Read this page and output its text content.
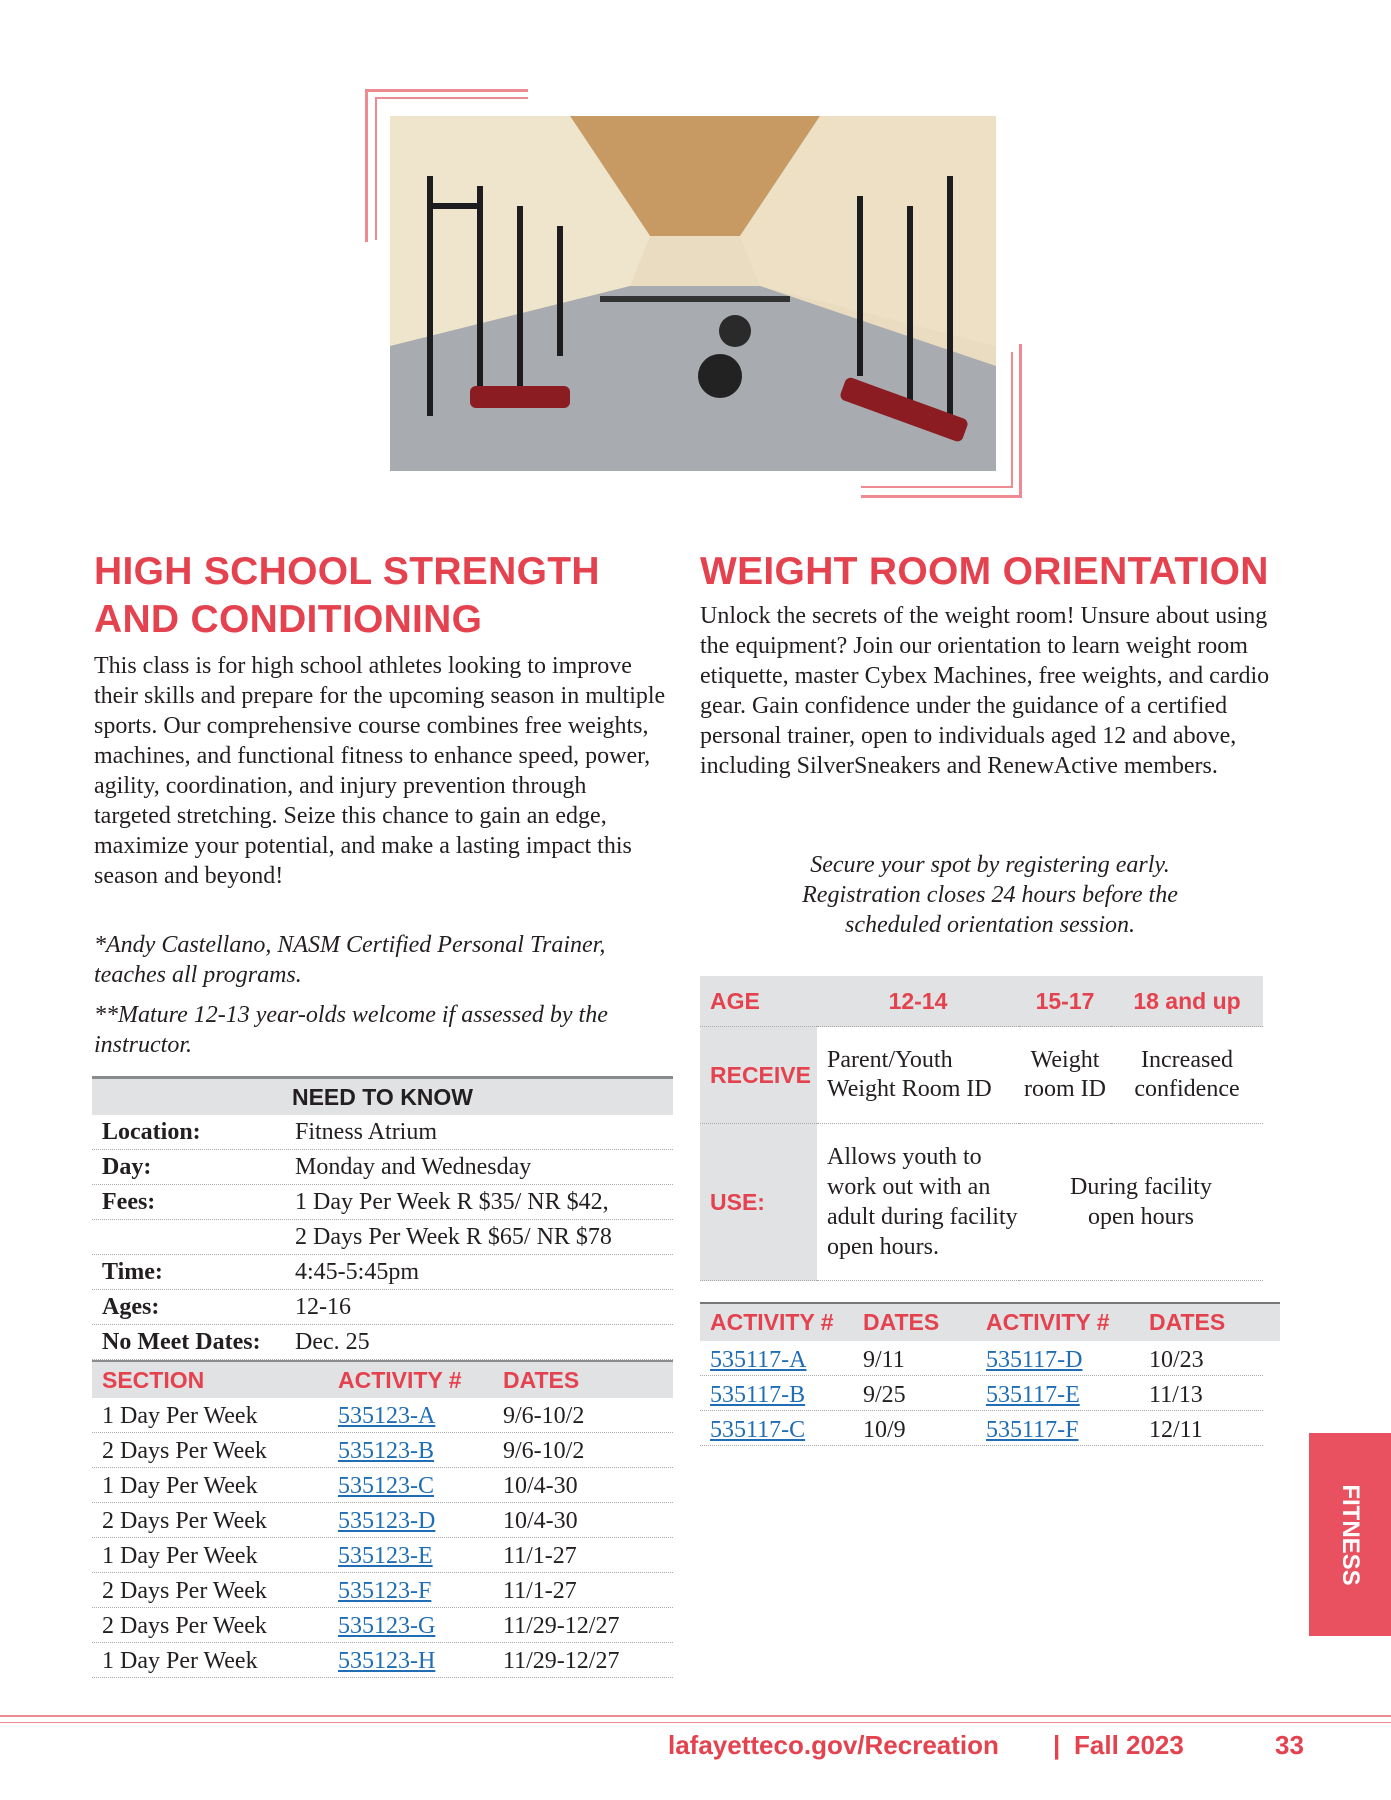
HIGH SCHOOL STRENGTH
AND CONDITIONING

This class is for high school athletes looking to improve their skills and prepare for the upcoming season in multiple sports. Our comprehensive course combines free weights, machines, and functional fitness to enhance speed, power, agility, coordination, and injury prevention through targeted stretching. Seize this chance to gain an edge, maximize your potential, and make a lasting impact this season and beyond!

*Andy Castellano, NASM Certified Personal Trainer, teaches all programs.

**Mature 12-13 year-olds welcome if assessed by the instructor.

NEED TO KNOW
Location:	Fitness Atrium
Day:	Monday and Wednesday
Fees:	1 Day Per Week R $35/ NR $42,
2 Days Per Week R $65/ NR $78
Time:	4:45-5:45pm
Ages:	12-16
No Meet Dates:	Dec. 25
SECTION	ACTIVITY #	DATES
1 Day Per Week	535123-A	9/6-10/2
2 Days Per Week	535123-B	9/6-10/2
1 Day Per Week	535123-C	10/4-30
2 Days Per Week	535123-D	10/4-30
1 Day Per Week	535123-E	11/1-27
2 Days Per Week	535123-F	11/1-27
2 Days Per Week	535123-G	11/29-12/27
1 Day Per Week	535123-H	11/29-12/27
WEIGHT ROOM ORIENTATION

Unlock the secrets of the weight room! Unsure about using the equipment? Join our orientation to learn weight room etiquette, master Cybex Machines, free weights, and cardio gear. Gain confidence under the guidance of a certified personal trainer, open to individuals aged 12 and above, including SilverSneakers and RenewActive members.

Secure your spot by registering early. Registration closes 24 hours before the scheduled orientation session.

AGE	12-14	15-17	18 and up
RECEIVE	Parent/Youth Weight Room ID	Weight room ID	Increased confidence
USE:	Allows youth to work out with an adult during facility open hours.	During facility open hours	
ACTIVITY #	DATES	ACTIVITY #	DATES
535117-A	9/11	535117-D	10/23
535117-B	9/25	535117-E	11/13
535117-C	10/9	535117-F	12/11
FITNESS
lafayetteco.gov/Recreation | Fall 2023	33
